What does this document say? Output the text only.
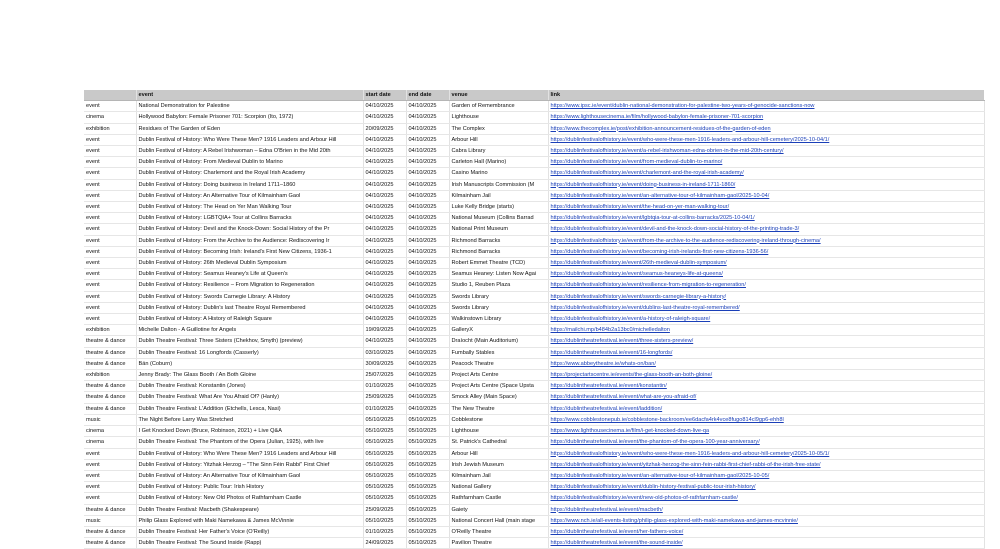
	event	start date	end date	venue	link
event	National Demonstration for Palestine	04/10/2025	04/10/2025	Garden of Remembrance	https://www.ipsc.ie/event/dublin-national-demonstration-for-palestine-two-years-of-genocide-sanctions-now
cinema	Hollywood Babylon: Female Prisoner 701: Scorpion (Ito, 1972)	04/10/2025	04/10/2025	Lighthouse	https://www.lighthousecinema.ie/film/hollywood-babylon-female-prisoner-701-scorpion
exhibition	Residues of The Garden of Eden	20/09/2025	04/10/2025	The Complex	https://www.thecomplex.ie/post/exhibition-announcement-residues-of-the-garden-of-eden
event	Dublin Festival of History: Who Were These Men? 1916 Leaders and Arbour Hill	04/10/2025	04/10/2025	Arbour Hill	https://dublinfestivalofhistory.ie/event/who-were-these-men-1916-leaders-and-arbour-hill-cemetery/2025-10-04/1/
event	Dublin Festival of History: A Rebel Irishwoman – Edna O'Brien in the Mid 20th	04/10/2025	04/10/2025	Cabra Library	https://dublinfestivalofhistory.ie/event/a-rebel-irishwoman-edna-obrien-in-the-mid-20th-century/
event	Dublin Festival of History: From Medieval Dublin to Marino	04/10/2025	04/10/2025	Carleton Hall (Marino)	https://dublinfestivalofhistory.ie/event/from-medieval-dublin-to-marino/
event	Dublin Festival of History: Charlemont and the Royal Irish Academy	04/10/2025	04/10/2025	Casino Marino	https://dublinfestivalofhistory.ie/event/charlemont-and-the-royal-irish-academy/
event	Dublin Festival of History: Doing business in Ireland 1711–1860	04/10/2025	04/10/2025	Irish Manuscripts Commission (M	https://dublinfestivalofhistory.ie/event/doing-business-in-ireland-1711-1860/
event	Dublin Festival of History: An Alternative Tour of Kilmainham Gaol	04/10/2025	04/10/2025	Kilmainham Jail	https://dublinfestivalofhistory.ie/event/an-alternative-tour-of-kilmainham-gaol/2025-10-04/
event	Dublin Festival of History: The Head on Yer Man Walking Tour	04/10/2025	04/10/2025	Luke Kelly Bridge (starts)	https://dublinfestivalofhistory.ie/event/the-head-on-yer-man-walking-tour/
event	Dublin Festival of History: LGBTQIA+ Tour at Collins Barracks	04/10/2025	04/10/2025	National Museum (Collins Barrad	https://dublinfestivalofhistory.ie/event/lgbtqia-tour-at-collins-barracks/2025-10-04/1/
event	Dublin Festival of History: Devil and the Knock-Down: Social History of the Pr	04/10/2025	04/10/2025	National Print Museum	https://dublinfestivalofhistory.ie/event/devil-and-the-knock-down-social-history-of-the-printing-trade-3/
event	Dublin Festival of History: From the Archive to the Audience: Rediscovering Ir	04/10/2025	04/10/2025	Richmond Barracks	https://dublinfestivalofhistory.ie/event/from-the-archive-to-the-audience-rediscovering-ireland-through-cinema/
event	Dublin Festival of History: Becoming Irish: Ireland's First New Citizens, 1936-1	04/10/2025	04/10/2025	Richmond Barracks	https://dublinfestivalofhistory.ie/event/becoming-irish-irelands-first-new-citizens-1936-56/
event	Dublin Festival of History: 26th Medieval Dublin Symposium	04/10/2025	04/10/2025	Robert Emmet Theatre (TCD)	https://dublinfestivalofhistory.ie/event/26th-medieval-dublin-symposium/
event	Dublin Festival of History: Seamus Heaney's Life at Queen's	04/10/2025	04/10/2025	Seamus Heaney: Listen Now Agai	https://dublinfestivalofhistory.ie/event/seamus-heaneys-life-at-queens/
event	Dublin Festival of History: Resilience – From Migration to Regeneration	04/10/2025	04/10/2025	Studio 1, Reuben Plaza	https://dublinfestivalofhistory.ie/event/resilience-from-migration-to-regeneration/
event	Dublin Festival of History: Swords Carnegie Library: A History	04/10/2025	04/10/2025	Swords Library	https://dublinfestivalofhistory.ie/event/swords-carnegie-library-a-history/
event	Dublin Festival of History: Dublin's last Theatre Royal Remembered	04/10/2025	04/10/2025	Swords Library	https://dublinfestivalofhistory.ie/event/dublins-last-theatre-royal-remembered/
event	Dublin Festival of History: A History of Raleigh Square	04/10/2025	04/10/2025	Walkinstown Library	https://dublinfestivalofhistory.ie/event/a-history-of-raleigh-square/
exhibition	Michelle Dalton - A Guillotine for Angels	19/09/2025	04/10/2025	GalleryX	https://mailchi.mp/b484b2a13bc0/michelledalton
theatre & dance	Dublin Theatre Festival: Three Sisters (Chekhov, Smyth) (preview)	04/10/2025	04/10/2025	Draíocht (Main Auditorium)	https://dublintheatrefestival.ie/event/three-sisters-preview/
theatre & dance	Dublin Theatre Festival: 16 Longfords (Casserly)	03/10/2025	04/10/2025	Fumbally Stables	https://dublintheatrefestival.ie/event/16-longfords/
theatre & dance	Bán (Coburn)	30/09/2025	04/10/2025	Peacock Theatre	https://www.abbeytheatre.ie/whats-on/ban/
exhibition	Jenny Brady: The Glass Booth / An Both Gloine	25/07/2025	04/10/2025	Project Arts Centre	https://projectartscentre.ie/events/the-glass-booth-an-both-gloine/
theatre & dance	Dublin Theatre Festival: Konstantin (Jones)	01/10/2025	04/10/2025	Project Arts Centre (Space Upsta	https://dublintheatrefestival.ie/event/konstantin/
theatre & dance	Dublin Theatre Festival: What Are You Afraid Of? (Hanly)	25/09/2025	04/10/2025	Smock Alley (Main Space)	https://dublintheatrefestival.ie/event/what-are-you-afraid-of/
theatre & dance	Dublin Theatre Festival: L'Addition (Etchells, Lesca, Nasi)	01/10/2025	04/10/2025	The New Theatre	https://dublintheatrefestival.ie/event/laddition/
music	The Night Before Larry Was Stretched	05/10/2025	05/10/2025	Cobblestone	https://www.cobblestonepub.ie/cobblestone-backroom/ee6dacfa4rk4vce8fugo814cl9gp6-ehh8l
cinema	I Get Knocked Down (Bruce, Robinson, 2021) + Live Q&A	05/10/2025	05/10/2025	Lighthouse	https://www.lighthousecinema.ie/film/i-get-knocked-down-live-qa
cinema	Dublin Theatre Festival: The Phantom of the Opera (Julian, 1925), with live	05/10/2025	05/10/2025	St. Patrick's Cathedral	https://dublintheatrefestival.ie/event/the-phantom-of-the-opera-100-year-anniversary/
event	Dublin Festival of History: Who Were These Men? 1916 Leaders and Arbour Hill	05/10/2025	05/10/2025	Arbour Hill	https://dublinfestivalofhistory.ie/event/who-were-these-men-1916-leaders-and-arbour-hill-cemetery/2025-10-05/1/
event	Dublin Festival of History: Yitzhak Herzog – "The Sinn Féin Rabbi" First Chief	05/10/2025	05/10/2025	Irish Jewish Museum	https://dublinfestivalofhistory.ie/event/yitzhak-herzog-the-sinn-fein-rabbi-first-chief-rabbi-of-the-irish-free-state/
event	Dublin Festival of History: An Alternative Tour of Kilmainham Gaol	05/10/2025	05/10/2025	Kilmainham Jail	https://dublinfestivalofhistory.ie/event/an-alternative-tour-of-kilmainham-gaol/2025-10-05/
event	Dublin Festival of History: Public Tour: Irish History	05/10/2025	05/10/2025	National Gallery	https://dublinfestivalofhistory.ie/event/dublin-history-festival-public-tour-irish-history/
event	Dublin Festival of History: New Old Photos of Rathfarnham Castle	05/10/2025	05/10/2025	Rathfarnham Castle	https://dublinfestivalofhistory.ie/event/new-old-photos-of-rathfarnham-castle/
theatre & dance	Dublin Theatre Festival: Macbeth (Shakespeare)	25/09/2025	05/10/2025	Gaiety	https://dublintheatrefestival.ie/event/macbeth/
music	Philip Glass Explored with Maki Namekawa & James McVinnie	05/10/2025	05/10/2025	National Concert Hall (main stage	https://www.nch.ie/all-events-listing/philip-glass-explored-with-maki-namekawa-and-james-mcvinnie/
theatre & dance	Dublin Theatre Festival: Her Father's Voice (O'Reilly)	01/10/2025	05/10/2025	O'Reilly Theatre	https://dublintheatrefestival.ie/event/her-fathers-voice/
theatre & dance	Dublin Theatre Festival: The Sound Inside (Rapp)	24/09/2025	05/10/2025	Pavilion Theatre	https://dublintheatrefestival.ie/event/the-sound-inside/
